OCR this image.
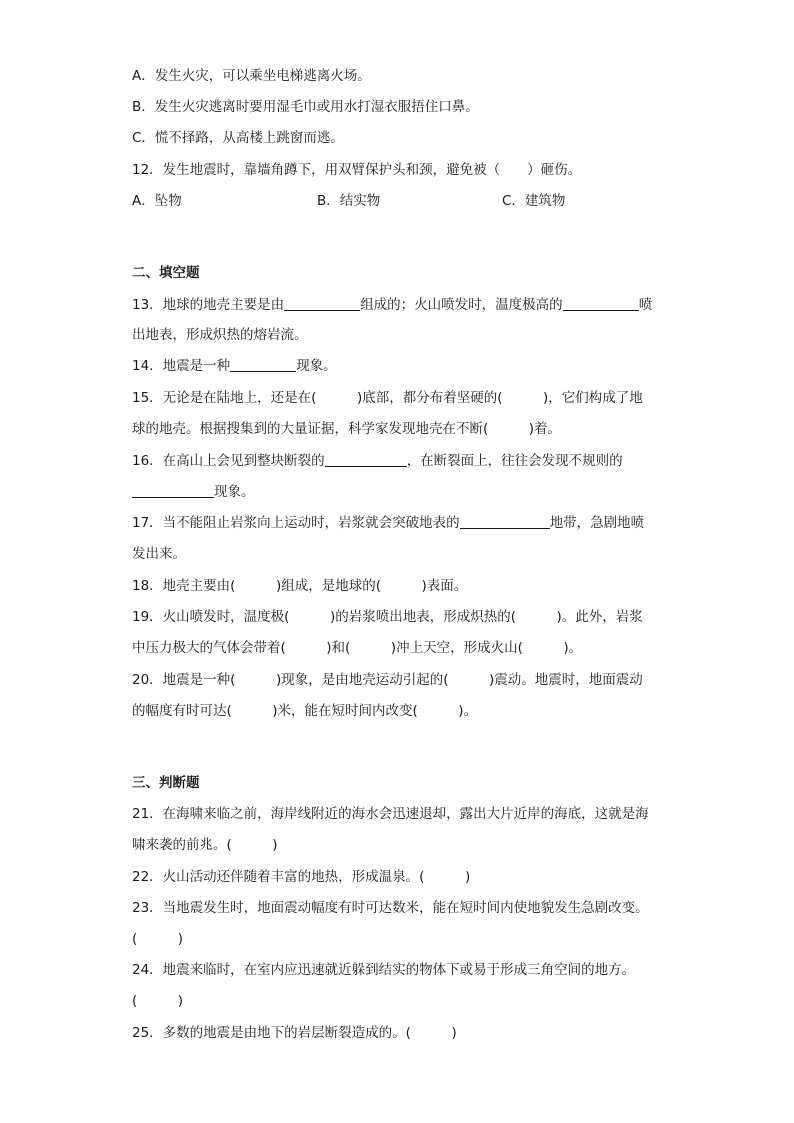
A．发生火灾，可以乘坐电梯逃离火场。
B．发生火灾逃离时要用湿毛巾或用水打湿衣服捂住口鼻。
C．慌不择路，从高楼上跳窗而逃。
12．发生地震时，靠墙角蹲下，用双臂保护头和颈，避免被（　　）砸伤。
A．坠物	B．结实物	C．建筑物
二、填空题
13．地球的地壳主要是由	组成的；火山喷发时，温度极高的	喷
出地表，形成炽热的熔岩流。
14．地震是一种	现象。
15．无论是在陆地上，还是在(　　　)底部，都分布着坚硬的(　　　)，它们构成了地
球的地壳。根据搜集到的大量证据，科学家发现地壳在不断(　　　)着。
16．在高山上会见到整块断裂的	，在断裂面上，往往会发现不规则的
现象。
17．当不能阻止岩浆向上运动时，岩浆就会突破地表的	地带，急剧地喷
发出来。
18．地壳主要由(　　　)组成，是地球的(　　　)表面。
19．火山喷发时，温度极(　　　)的岩浆喷出地表，形成炽热的(　　　)。此外，岩浆
中压力极大的气体会带着(　　　)和(　　　)冲上天空，形成火山(　　　)。
20．地震是一种(　　　)现象，是由地壳运动引起的(　　　)震动。地震时，地面震动
的幅度有时可达(　　　)米，能在短时间内改变(　　　)。
三、判断题
21．在海啸来临之前，海岸线附近的海水会迅速退却，露出大片近岸的海底，这就是海
啸来袭的前兆。(　　　)
22．火山活动还伴随着丰富的地热，形成温泉。(　　　)
23．当地震发生时，地面震动幅度有时可达数米，能在短时间内使地貌发生急剧改变。
(　　　)
24．地震来临时，在室内应迅速就近躲到结实的物体下或易于形成三角空间的地方。
(　　　)
25．多数的地震是由地下的岩层断裂造成的。(　　　)
